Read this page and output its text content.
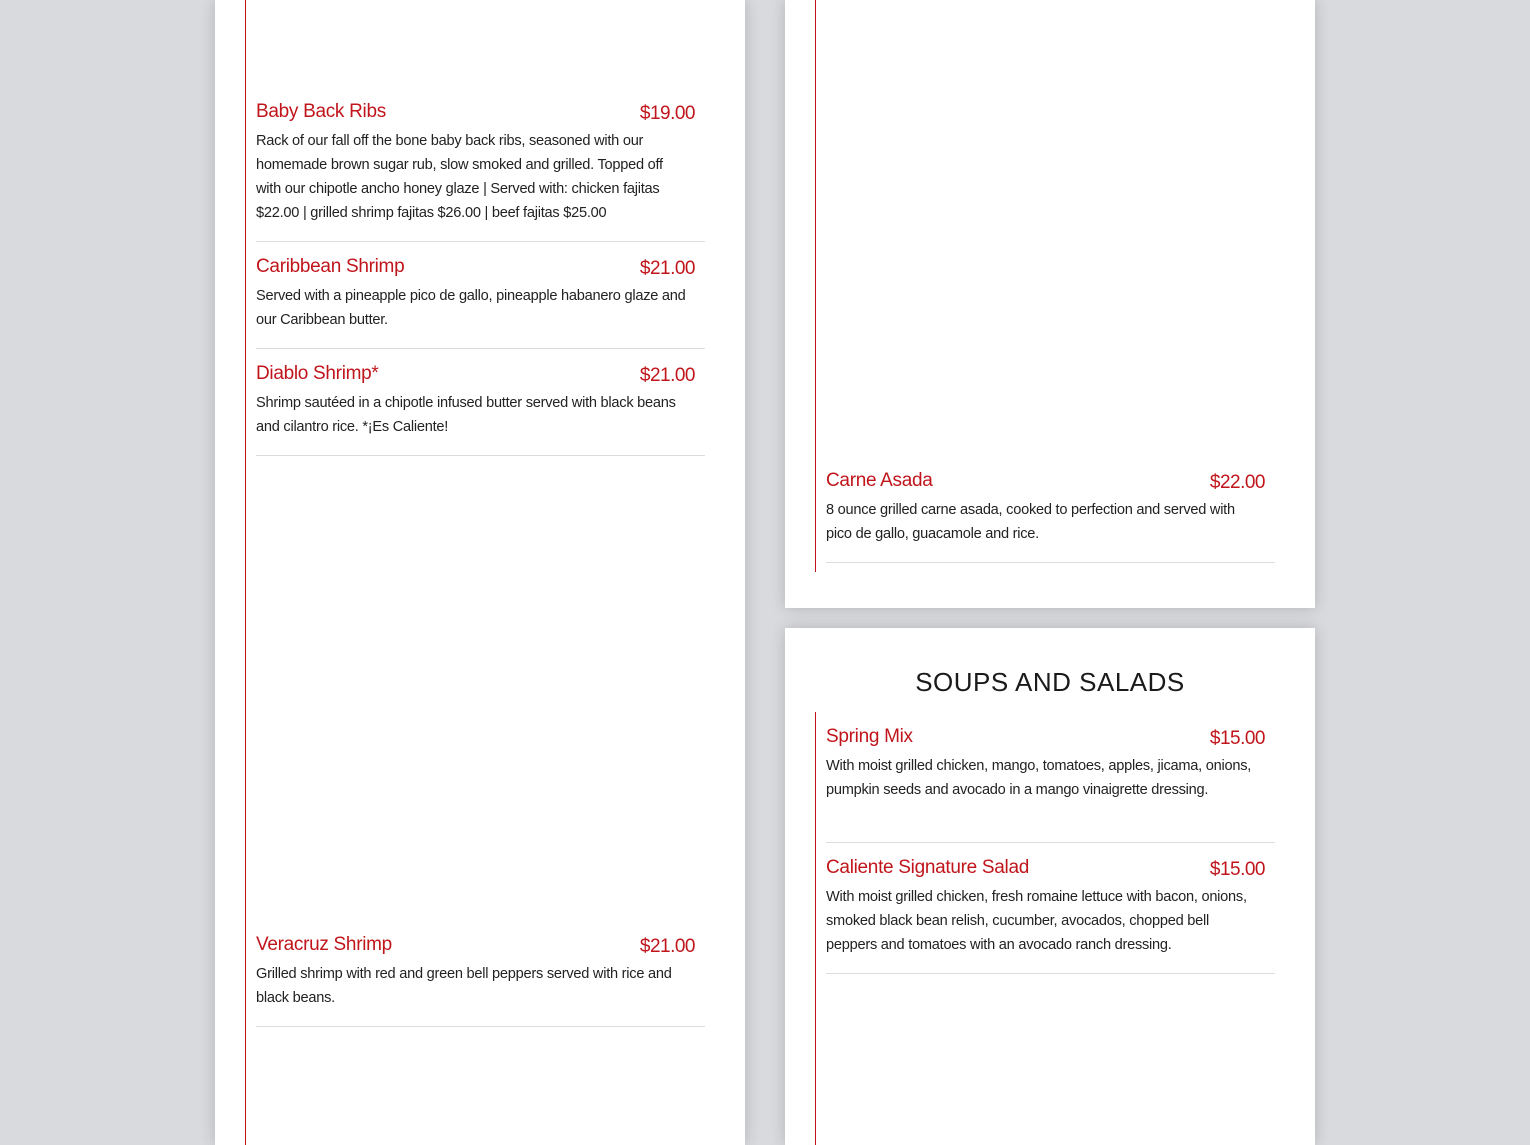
Baby Back Ribs	$19.00
Rack of our fall off the bone baby back ribs, seasoned with our homemade brown sugar rub, slow smoked and grilled. Topped off with our chipotle ancho honey glaze | Served with: chicken fajitas $22.00 | grilled shrimp fajitas $26.00 | beef fajitas $25.00
Caribbean Shrimp	$21.00
Served with a pineapple pico de gallo, pineapple habanero glaze and our Caribbean butter.
Diablo Shrimp*	$21.00
Shrimp sautéed in a chipotle infused butter served with black beans and cilantro rice. *¡Es Caliente!
Veracruz Shrimp	$21.00
Grilled shrimp with red and green bell peppers served with rice and black beans.
Carne Asada	$22.00
8 ounce grilled carne asada, cooked to perfection and served with pico de gallo, guacamole and rice.
SOUPS AND SALADS
Spring Mix	$15.00
With moist grilled chicken, mango, tomatoes, apples, jicama, onions, pumpkin seeds and avocado in a mango vinaigrette dressing.
Caliente Signature Salad	$15.00
With moist grilled chicken, fresh romaine lettuce with bacon, onions, smoked black bean relish, cucumber, avocados, chopped bell peppers and tomatoes with an avocado ranch dressing.
